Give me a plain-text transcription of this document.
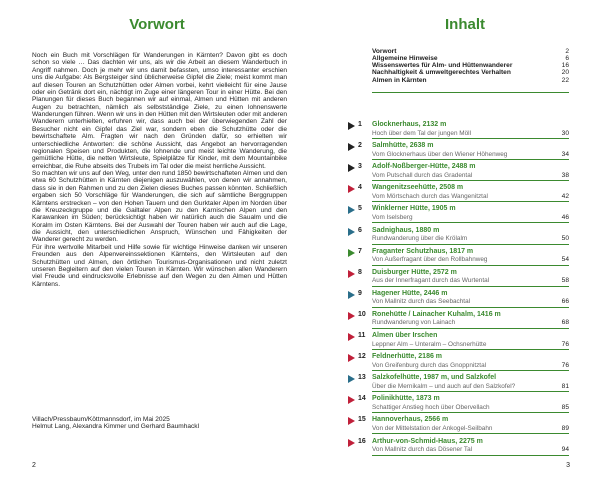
Vorwort

Noch ein Buch mit Vorschlägen für Wanderungen in Kärnten? Davon gibt es doch schon so viele … Das dachten wir uns, als wir die Arbeit an diesem Wanderbuch in Angriff nahmen. Doch je mehr wir uns damit befassten, umso interessanter erschien uns die Aufgabe: Als Bergsteiger sind üblicherweise Gipfel die Ziele; meist kommt man auf diesen Touren an Schutzhütten oder Almen vorbei, kehrt vielleicht für eine Jause oder ein Getränk dort ein, nächtigt im Zuge einer längeren Tour in einer Hütte. Bei den Planungen für dieses Buch begannen wir auf einmal, Almen und Hütten mit anderen Augen zu betrachten, nämlich als selbstständige Ziele, zu einen lohnenswerte Wanderungen führen. Wenn wir uns in den Hütten mit den Wirtsleuten oder mit anderen Wanderern unterhielten, erfuhren wir, dass auch bei der überwiegenden Zahl der Besucher nicht ein Gipfel das Ziel war, sondern eben die Schutzhütte oder die bewirtschaftete Alm. Fragten wir nach den Gründen dafür, so erhielten wir unterschiedliche Antworten: die schöne Aussicht, das Angebot an hervorragenden regionalen Speisen und Produkten, die lohnende und meist leichte Wanderung, die gemütliche Hütte, die netten Wirtsleute, Spielplätze für Kinder, mit dem Mountainbike erreichbar, die Ruhe abseits des Trubels im Tal oder die meist herrliche Aussicht.

So machten wir uns auf den Weg, unter den rund 1850 bewirtschafteten Almen und den etwa 60 Schutzhütten in Kärnten diejenigen auszuwählen, von denen wir annahmen, dass sie in den Rahmen und zu den Zielen dieses Buches passen könnten. Schließlich ergaben sich 50 Vorschläge für Wanderungen, die sich auf sämtliche Berggruppen Kärntens erstrecken – von den Hohen Tauern und den Gurktaler Alpen im Norden über die Kreuzeckgruppe und die Gailtaler Alpen zu den Karnischen Alpen und den Karawanken im Süden; berücksichtigt haben wir natürlich auch die Saualm und die Koralm im Osten Kärntens. Bei der Auswahl der Touren haben wir auch auf die Lage, die Aussicht, den unterschiedlichen Anspruch, Wünschen und Fähigkeiten der Wanderer gerecht zu werden.

Für ihre wertvolle Mitarbeit und Hilfe sowie für wichtige Hinweise danken wir unseren Freunden aus den Alpenvereinssektionen Kärntens, den Wirtsleuten auf den Schutzhütten und Almen, den örtlichen Tourismus-Organisationen und nicht zuletzt unseren Begleitern auf den vielen Touren in Kärnten. Wir wünschen allen Wanderern viel Freude und eindrucksvolle Erlebnisse auf den Wegen zu den Almen und Hütten Kärntens.

Villach/Pressbaum/Köttmannsdorf, im Mai 2025
Helmut Lang, Alexandra Kimmer und Gerhard Baumhackl
2
Inhalt
3
Vorwort	2
Allgemeine Hinweise	6
Wissenswertes für Alm- und Hüttenwanderer	16
Nachhaltigkeit & umweltgerechtes Verhalten	20
Almen in Kärnten	22
1 Glocknerhaus, 2132 m
Hoch über dem Tal der jungen Möll	30
2 Salmhütte, 2638 m
Vom Glocknerhaus über den Wiener Höhenweg	34
3 Adolf-Noßberger-Hütte, 2488 m
Vom Putschall durch das Gradental	38
4 Wangenitzseehütte, 2508 m
Vom Mörtschach durch das Wangenitztal	42
5 Winklerner Hütte, 1905 m
Vom Iselsberg	46
6 Sadnighaus, 1880 m
Rundwanderung über die Krölalm	50
7 Fraganter Schutzhaus, 1817 m
Von Außerfragant über den Rollbahnweg	54
8 Duisburger Hütte, 2572 m
Aus der Innerfragant durch das Wurtental	58
9 Hagener Hütte, 2446 m
Von Mallnitz durch das Seebachtal	66
10 Ronehütte / Lainacher Kuhalm, 1416 m
Rundwanderung von Lainach	68
11 Almen über Irschen
Leppner Alm – Unteralm – Ochsnerhütte	76
12 Feldnerhütte, 2186 m
Von Greifenburg durch das Gnoppnitztal	76
13 Salzkofelhütte, 1987 m, und Salzkofel
Über die Mernikalm – und auch auf den Salzkofel?	81
14 Polinikhütte, 1873 m
Schattiger Anstieg hoch über Obervellach	85
15 Hannoverhaus, 2566 m
Von der Mittelstation der Ankogel-Seilbahn	89
16 Arthur-von-Schmid-Haus, 2275 m
Von Mallnitz durch das Dösener Tal	94
